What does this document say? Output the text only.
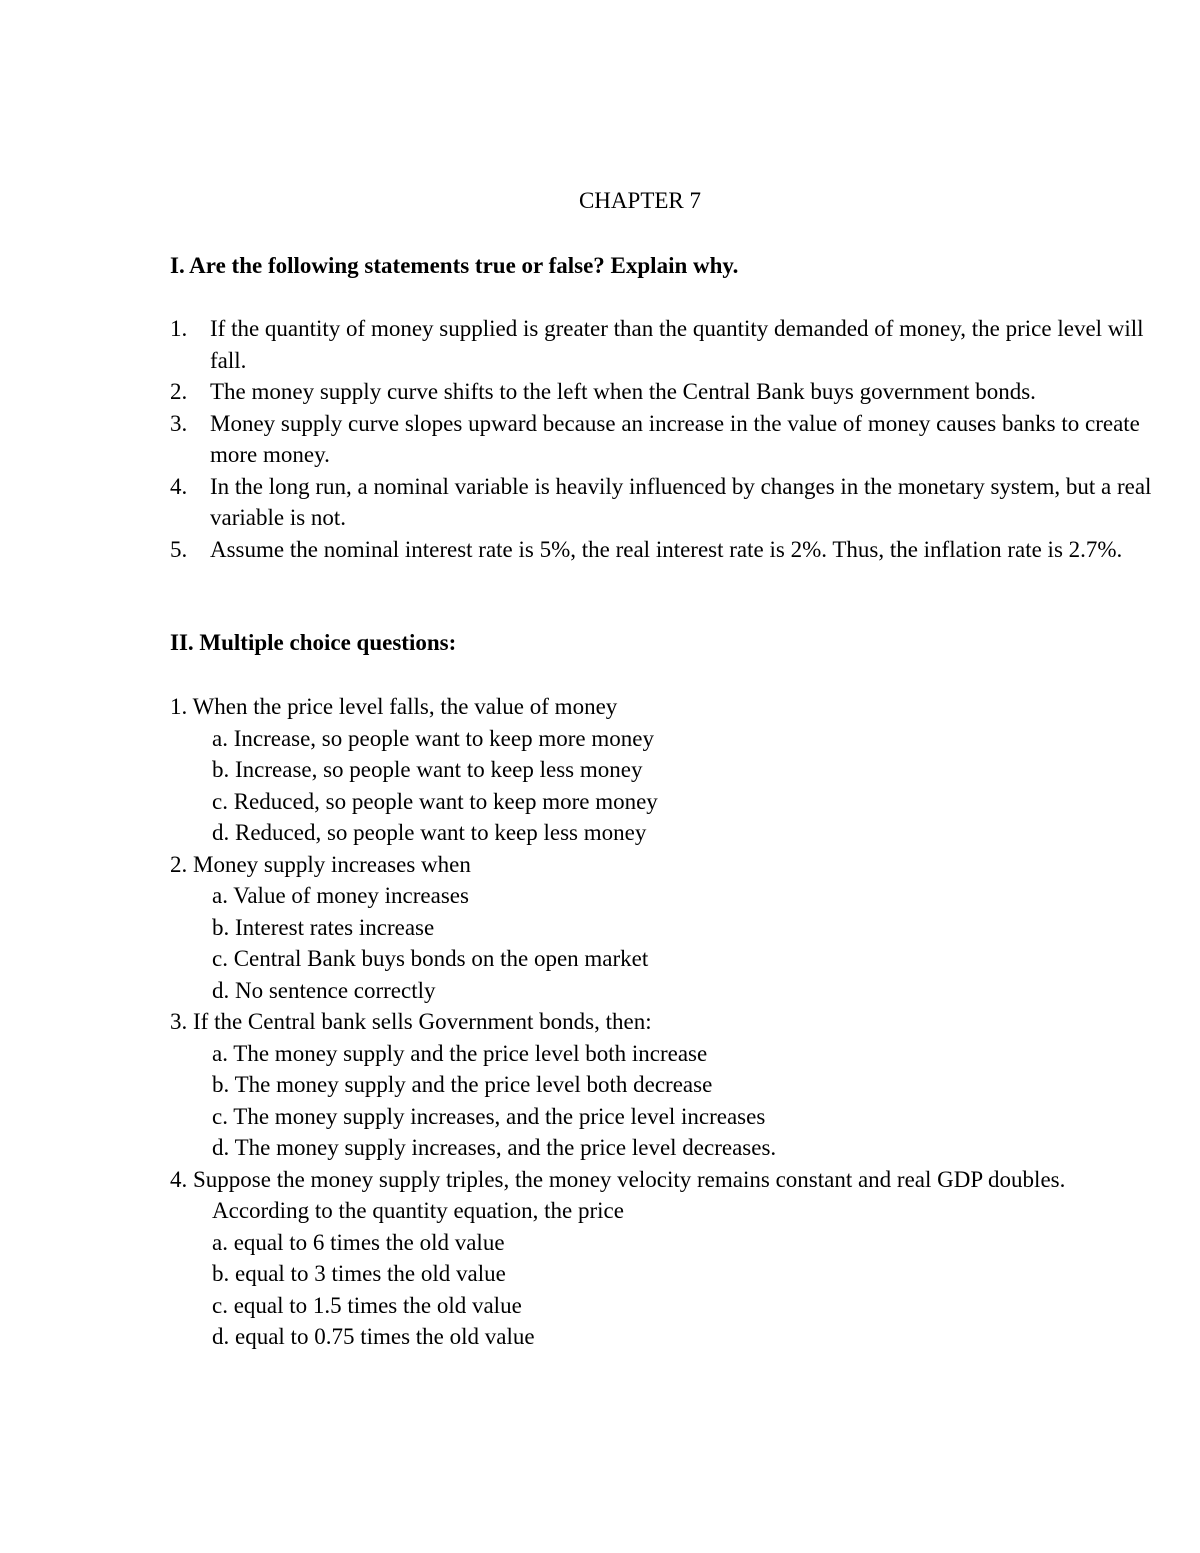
CHAPTER 7
I. Are the following statements true or false? Explain why.
1. If the quantity of money supplied is greater than the quantity demanded of money, the price level will fall.
2. The money supply curve shifts to the left when the Central Bank buys government bonds.
3. Money supply curve slopes upward because an increase in the value of money causes banks to create more money.
4. In the long run, a nominal variable is heavily influenced by changes in the monetary system, but a real variable is not.
5. Assume the nominal interest rate is 5%, the real interest rate is 2%. Thus, the inflation rate is 2.7%.
II. Multiple choice questions:
1. When the price level falls, the value of money
a. Increase, so people want to keep more money
b. Increase, so people want to keep less money
c. Reduced, so people want to keep more money
d. Reduced, so people want to keep less money
2. Money supply increases when
a. Value of money increases
b. Interest rates increase
c. Central Bank buys bonds on the open market
d. No sentence correctly
3. If the Central bank sells Government bonds, then:
a. The money supply and the price level both increase
b. The money supply and the price level both decrease
c. The money supply increases, and the price level increases
d. The money supply increases, and the price level decreases.
4. Suppose the money supply triples, the money velocity remains constant and real GDP doubles. According to the quantity equation, the price
a. equal to 6 times the old value
b. equal to 3 times the old value
c. equal to 1.5 times the old value
d. equal to 0.75 times the old value
